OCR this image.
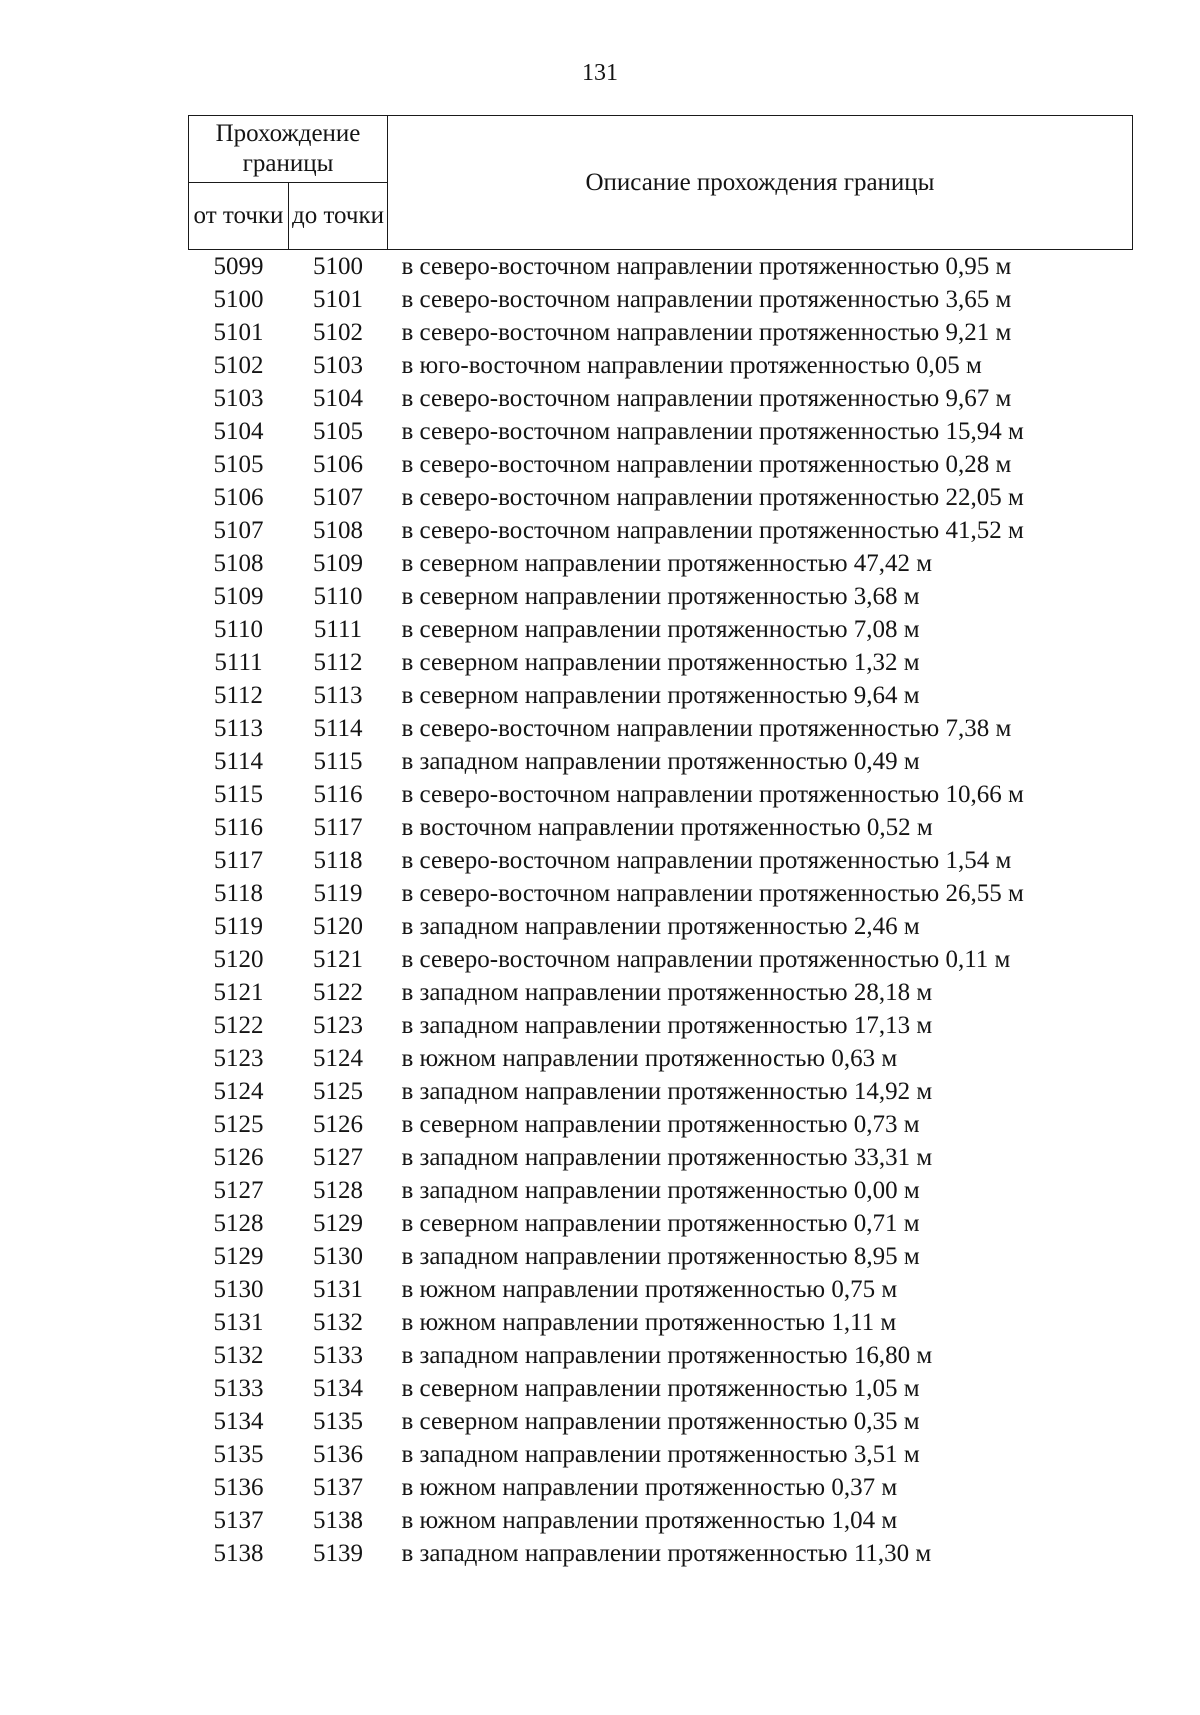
131
Прохождение границы		Описание прохождения границы
от точки	до точки	
5099	5100	в северо-восточном направлении протяженностью 0,95 м
5100	5101	в северо-восточном направлении протяженностью 3,65 м
5101	5102	в северо-восточном направлении протяженностью 9,21 м
5102	5103	в юго-восточном направлении протяженностью 0,05 м
5103	5104	в северо-восточном направлении протяженностью 9,67 м
5104	5105	в северо-восточном направлении протяженностью 15,94 м
5105	5106	в северо-восточном направлении протяженностью 0,28 м
5106	5107	в северо-восточном направлении протяженностью 22,05 м
5107	5108	в северо-восточном направлении протяженностью 41,52 м
5108	5109	в северном направлении протяженностью 47,42 м
5109	5110	в северном направлении протяженностью 3,68 м
5110	5111	в северном направлении протяженностью 7,08 м
5111	5112	в северном направлении протяженностью 1,32 м
5112	5113	в северном направлении протяженностью 9,64 м
5113	5114	в северо-восточном направлении протяженностью 7,38 м
5114	5115	в западном направлении протяженностью 0,49 м
5115	5116	в северо-восточном направлении протяженностью 10,66 м
5116	5117	в восточном направлении протяженностью 0,52 м
5117	5118	в северо-восточном направлении протяженностью 1,54 м
5118	5119	в северо-восточном направлении протяженностью 26,55 м
5119	5120	в западном направлении протяженностью 2,46 м
5120	5121	в северо-восточном направлении протяженностью 0,11 м
5121	5122	в западном направлении протяженностью 28,18 м
5122	5123	в западном направлении протяженностью 17,13 м
5123	5124	в южном направлении протяженностью 0,63 м
5124	5125	в западном направлении протяженностью 14,92 м
5125	5126	в северном направлении протяженностью 0,73 м
5126	5127	в западном направлении протяженностью 33,31 м
5127	5128	в западном направлении протяженностью 0,00 м
5128	5129	в северном направлении протяженностью 0,71 м
5129	5130	в западном направлении протяженностью 8,95 м
5130	5131	в южном направлении протяженностью 0,75 м
5131	5132	в южном направлении протяженностью 1,11 м
5132	5133	в западном направлении протяженностью 16,80 м
5133	5134	в северном направлении протяженностью 1,05 м
5134	5135	в северном направлении протяженностью 0,35 м
5135	5136	в западном направлении протяженностью 3,51 м
5136	5137	в южном направлении протяженностью 0,37 м
5137	5138	в южном направлении протяженностью 1,04 м
5138	5139	в западном направлении протяженностью 11,30 м
